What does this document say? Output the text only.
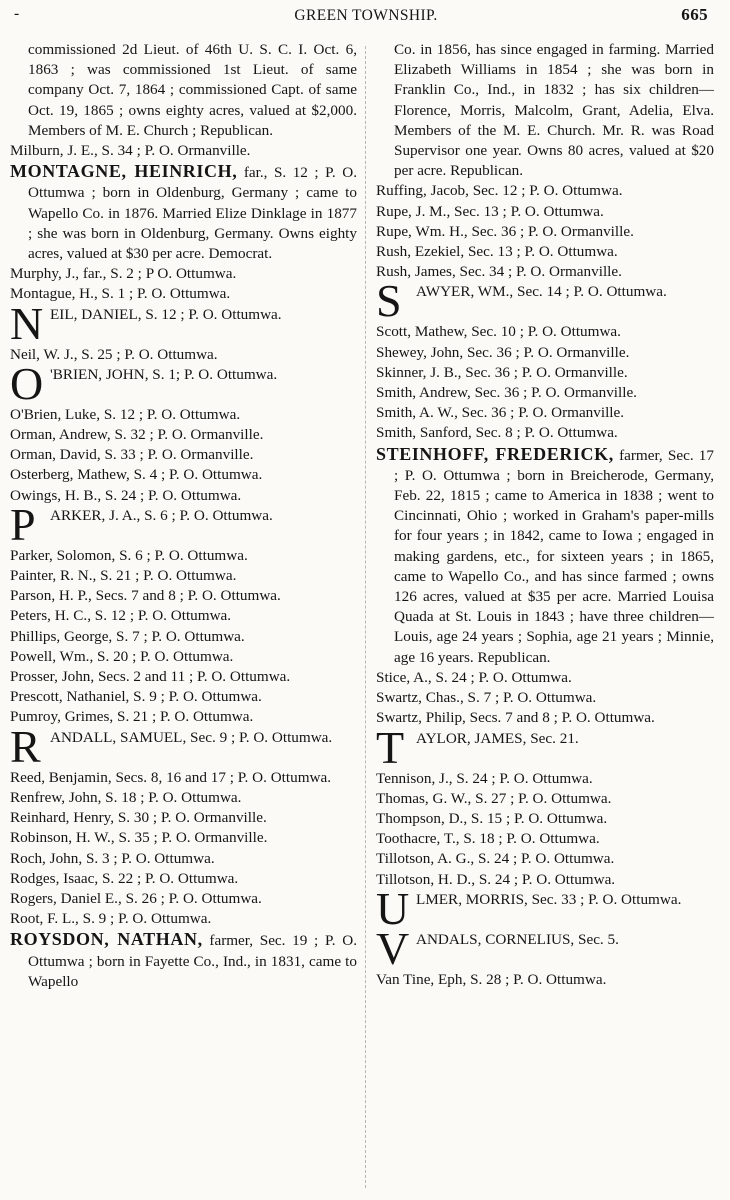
-	GREEN TOWNSHIP.	665

commissioned 2d Lieut. of 46th U. S. C. I. Oct. 6, 1863 ; was commissioned 1st Lieut. of same company Oct. 7, 1864 ; commissioned Capt. of same Oct. 19, 1865 ; owns eighty acres, valued at $2,000. Members of M. E. Church ; Republican.

Milburn, J. E., S. 34 ; P. O. Ormanville.

MONTAGNE, HEINRICH, far., S. 12 ; P. O. Ottumwa ; born in Oldenburg, Germany ; came to Wapello Co. in 1876. Married Elize Dinklage in 1877 ; she was born in Oldenburg, Germany. Owns eighty acres, valued at $30 per acre. Democrat.

Murphy, J., far., S. 2 ; P O. Ottumwa.

Montague, H., S. 1 ; P. O. Ottumwa.

N EIL, DANIEL, S. 12 ; P. O. Ottumwa.

Neil, W. J., S. 25 ; P. O. Ottumwa.

O 'BRIEN, JOHN, S. 1; P. O. Ottumwa.

O'Brien, Luke, S. 12 ; P. O. Ottumwa.

Orman, Andrew, S. 32 ; P. O. Ormanville.

Orman, David, S. 33 ; P. O. Ormanville.

Osterberg, Mathew, S. 4 ; P. O. Ottumwa.

Owings, H. B., S. 24 ; P. O. Ottumwa.

P ARKER, J. A., S. 6 ; P. O. Ottumwa.

Parker, Solomon, S. 6 ; P. O. Ottumwa.

Painter, R. N., S. 21 ; P. O. Ottumwa.

Parson, H. P., Secs. 7 and 8 ; P. O. Ottumwa.

Peters, H. C., S. 12 ; P. O. Ottumwa.

Phillips, George, S. 7 ; P. O. Ottumwa.

Powell, Wm., S. 20 ; P. O. Ottumwa.

Prosser, John, Secs. 2 and 11 ; P. O. Ottumwa.

Prescott, Nathaniel, S. 9 ; P. O. Ottumwa.

Pumroy, Grimes, S. 21 ; P. O. Ottumwa.

R ANDALL, SAMUEL, Sec. 9 ; P. O. Ottumwa.

Reed, Benjamin, Secs. 8, 16 and 17 ; P. O. Ottumwa.

Renfrew, John, S. 18 ; P. O. Ottumwa.

Reinhard, Henry, S. 30 ; P. O. Ormanville.

Robinson, H. W., S. 35 ; P. O. Ormanville.

Roch, John, S. 3 ; P. O. Ottumwa.

Rodges, Isaac, S. 22 ; P. O. Ottumwa.

Rogers, Daniel E., S. 26 ; P. O. Ottumwa.

Root, F. L., S. 9 ; P. O. Ottumwa.

ROYSDON, NATHAN, farmer, Sec. 19 ; P. O. Ottumwa ; born in Fayette Co., Ind., in 1831, came to Wapello

Co. in 1856, has since engaged in farming. Married Elizabeth Williams in 1854 ; she was born in Franklin Co., Ind., in 1832 ; has six children—Florence, Morris, Malcolm, Grant, Adelia, Elva. Members of the M. E. Church. Mr. R. was Road Supervisor one year. Owns 80 acres, valued at $20 per acre. Republican.

Ruffing, Jacob, Sec. 12 ; P. O. Ottumwa.

Rupe, J. M., Sec. 13 ; P. O. Ottumwa.

Rupe, Wm. H., Sec. 36 ; P. O. Ormanville.

Rush, Ezekiel, Sec. 13 ; P. O. Ottumwa.

Rush, James, Sec. 34 ; P. O. Ormanville.

S AWYER, WM., Sec. 14 ; P. O. Ottumwa.

Scott, Mathew, Sec. 10 ; P. O. Ottumwa.

Shewey, John, Sec. 36 ; P. O. Ormanville.

Skinner, J. B., Sec. 36 ; P. O. Ormanville.

Smith, Andrew, Sec. 36 ; P. O. Ormanville.

Smith, A. W., Sec. 36 ; P. O. Ormanville.

Smith, Sanford, Sec. 8 ; P. O. Ottumwa.

STEINHOFF, FREDERICK, farmer, Sec. 17 ; P. O. Ottumwa ; born in Breicherode, Germany, Feb. 22, 1815 ; came to America in 1838 ; went to Cincinnati, Ohio ; worked in Graham's paper-mills for four years ; in 1842, came to Iowa ; engaged in making gardens, etc., for sixteen years ; in 1865, came to Wapello Co., and has since farmed ; owns 126 acres, valued at $35 per acre. Married Louisa Quada at St. Louis in 1843 ; have three children—Louis, age 24 years ; Sophia, age 21 years ; Minnie, age 16 years. Republican.

Stice, A., S. 24 ; P. O. Ottumwa.

Swartz, Chas., S. 7 ; P. O. Ottumwa.

Swartz, Philip, Secs. 7 and 8 ; P. O. Ottumwa.

T AYLOR, JAMES, Sec. 21.

Tennison, J., S. 24 ; P. O. Ottumwa.

Thomas, G. W., S. 27 ; P. O. Ottumwa.

Thompson, D., S. 15 ; P. O. Ottumwa.

Toothacre, T., S. 18 ; P. O. Ottumwa.

Tillotson, A. G., S. 24 ; P. O. Ottumwa.

Tillotson, H. D., S. 24 ; P. O. Ottumwa.

U LMER, MORRIS, Sec. 33 ; P. O. Ottumwa.
V ANDALS, CORNELIUS, Sec. 5.

Van Tine, Eph, S. 28 ; P. O. Ottumwa.
